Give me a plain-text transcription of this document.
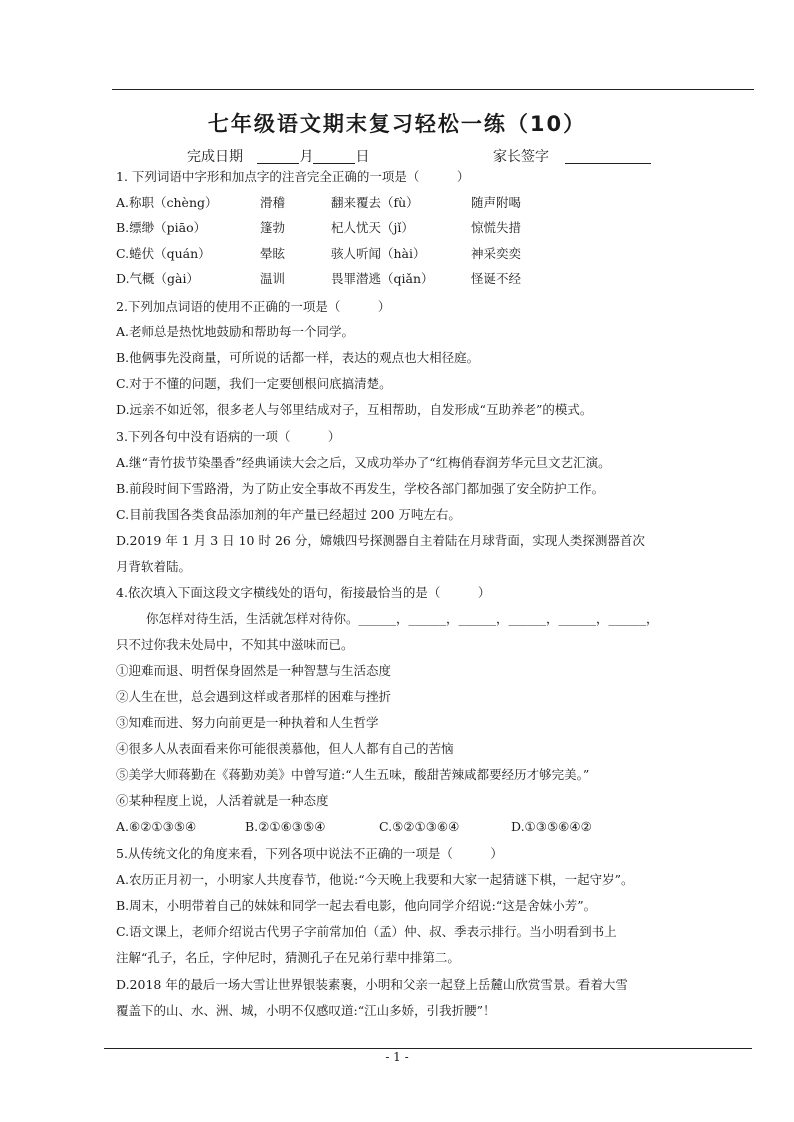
七年级语文期末复习轻松一练（10）
完成日期	月	日	家长签字
1. 下列词语中字形和加点字的注音完全正确的一项是（　　　）
A.称职（chèng）	滑稽	翻来覆去（fù）	随声附喝
B.缥缈（piāo）	篷勃	杞人忧天（jǐ）	惊慌失措
C.蜷伏（quán）	晕眩	骇人听闻（hài）	神采奕奕
D.气概（gài）	温训	畏罪潜逃（qiǎn）	怪诞不经
2.下列加点词语的使用不正确的一项是（　　　）
A.老师总是热忱地鼓励和帮助每一个同学。
B.他俩事先没商量，可所说的话都一样，表达的观点也大相径庭。
C.对于不懂的问题，我们一定要刨根问底搞清楚。
D.远亲不如近邻，很多老人与邻里结成对子，互相帮助，自发形成“互助养老”的模式。
3.下列各句中没有语病的一项（　　　）
A.继“青竹拔节染墨香”经典诵读大会之后，又成功举办了“红梅俏春润芳华元旦文艺汇演。
B.前段时间下雪路滑，为了防止安全事故不再发生，学校各部门都加强了安全防护工作。
C.目前我国各类食品添加剂的年产量已经超过 200 万吨左右。
D.2019 年 1 月 3 日 10 时 26 分，嫦娥四号探测器自主着陆在月球背面，实现人类探测器首次
月背软着陆。
4.依次填入下面这段文字横线处的语句，衔接最恰当的是（　　　）
你怎样对待生活，生活就怎样对待你。______，______，______，______，______，______，
只不过你我未处局中，不知其中滋味而已。
①迎难而退、明哲保身固然是一种智慧与生活态度
②人生在世，总会遇到这样或者那样的困难与挫折
③知难而进、努力向前更是一种执着和人生哲学
④很多人从表面看来你可能很羡慕他，但人人都有自己的苦恼
⑤美学大师蒋勤在《蒋勤劝美》中曾写道:“人生五味，酸甜苦辣咸都要经历才够完美。”
⑥某种程度上说，人活着就是一种态度
A.⑥②①③⑤④	B.②①⑥③⑤④	C.⑤②①③⑥④	D.①③⑤⑥④②
5.从传统文化的角度来看，下列各项中说法不正确的一项是（　　　）
A.农历正月初一，小明家人共度春节，他说:“今天晚上我要和大家一起猜谜下棋，一起守岁”。
B.周末，小明带着自己的妹妹和同学一起去看电影，他向同学介绍说:“这是舍妹小芳”。
C.语文课上，老师介绍说古代男子字前常加伯（孟）仲、叔、季表示排行。当小明看到书上
注解“孔子，名丘，字仲尼时，猜测孔子在兄弟行辈中排第二。
D.2018 年的最后一场大雪让世界银装素裹，小明和父亲一起登上岳麓山欣赏雪景。看着大雪
覆盖下的山、水、洲、城，小明不仅感叹道:“江山多娇，引我折腰”！
- 1 -
